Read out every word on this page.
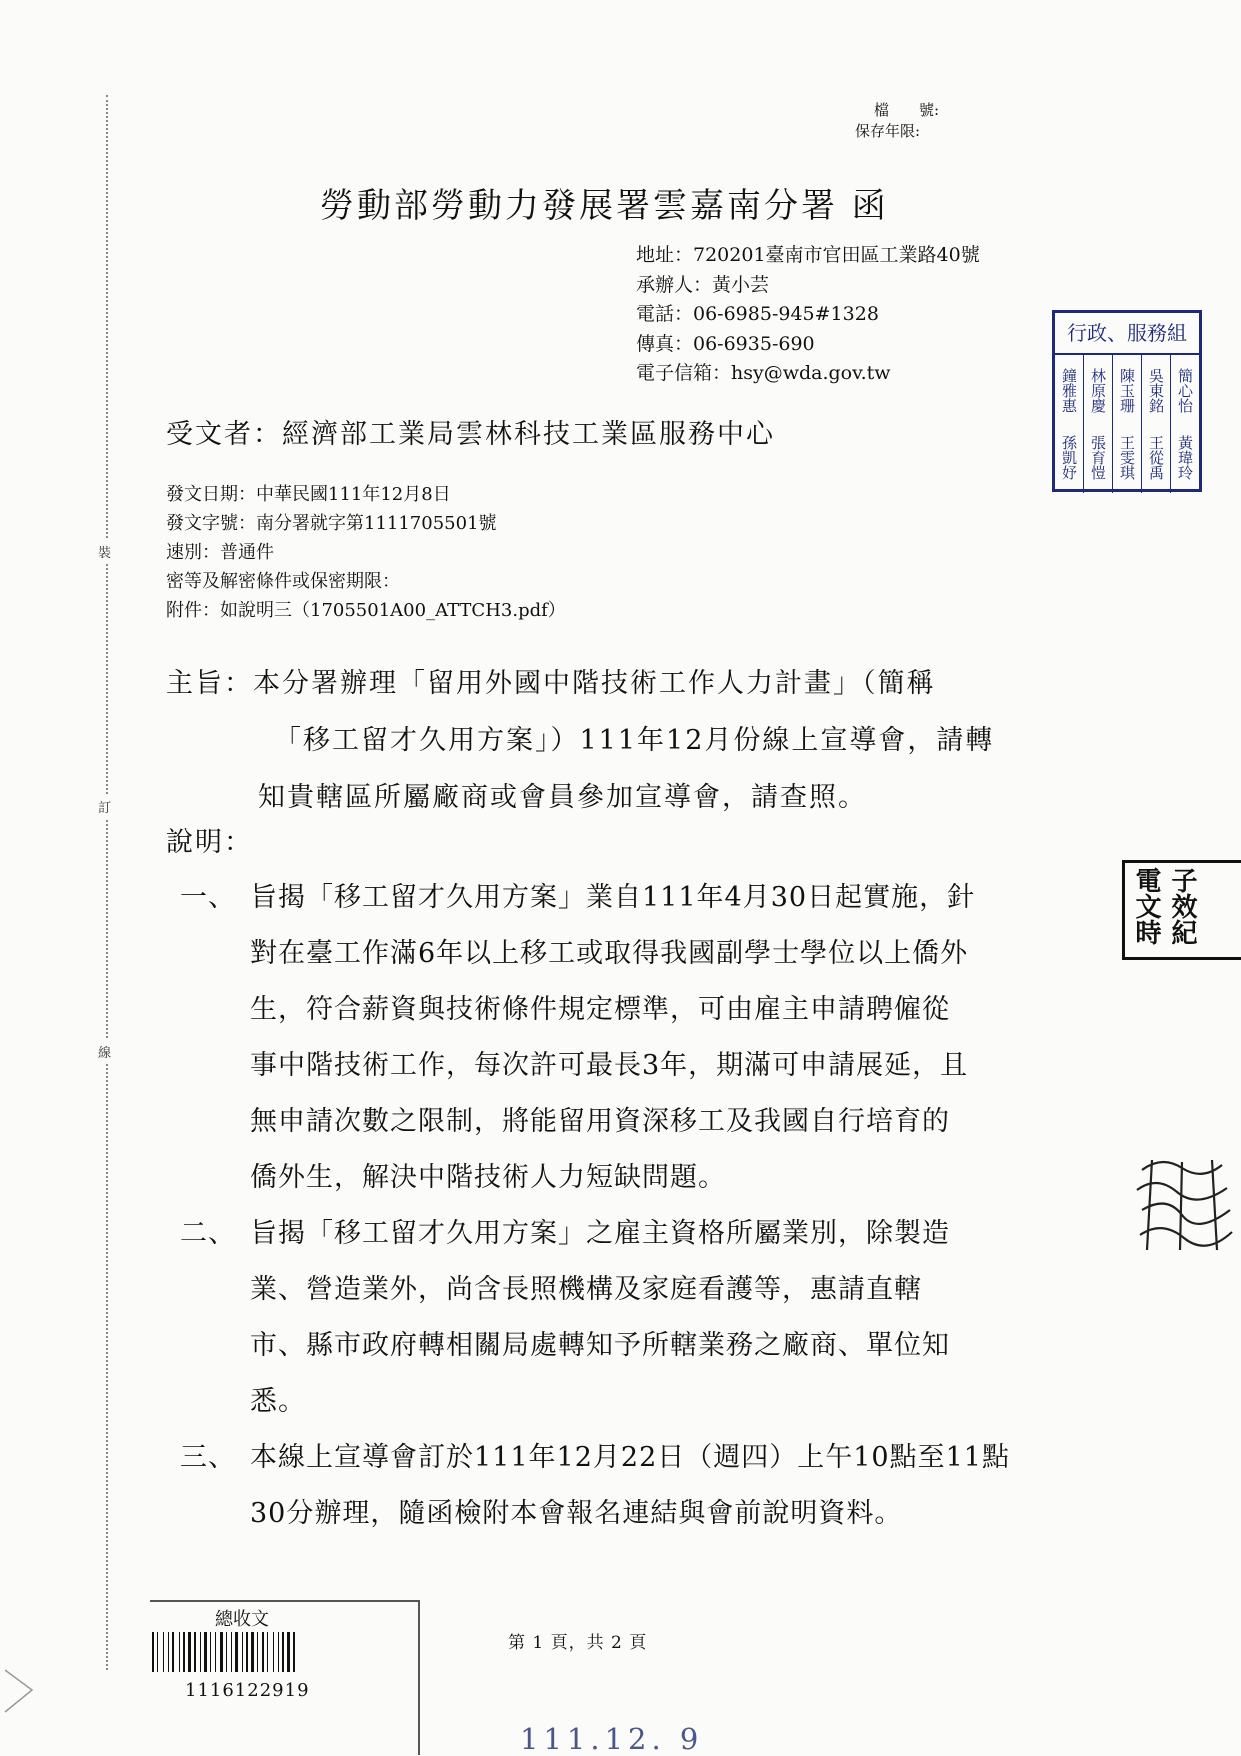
裝
訂
線
檔　　號:
保存年限:
勞動部勞動力發展署雲嘉南分署 函
地址：720201臺南市官田區工業路40號
承辦人：黃小芸
電話：06-6985-945#1328
傳真：06-6935-690
電子信箱：hsy@wda.gov.tw
行政、服務組
鐘雅惠
孫凱妤
林原慶
張育愷
陳玉珊
王雯琪
吳東銘
王從禹
簡心怡
黃瑋玲
受文者：經濟部工業局雲林科技工業區服務中心
發文日期：中華民國111年12月8日
發文字號：南分署就字第1111705501號
速別：普通件
密等及解密條件或保密期限：
附件：如說明三（1705501A00_ATTCH3.pdf）
主旨：本分署辦理「留用外國中階技術工作人力計畫」（簡稱
「移工留才久用方案」）111年12月份線上宣導會，請轉
知貴轄區所屬廠商或會員參加宣導會，請查照。
說明：
一、 旨揭「移工留才久用方案」業自111年4月30日起實施，針
對在臺工作滿6年以上移工或取得我國副學士學位以上僑外
生，符合薪資與技術條件規定標準，可由雇主申請聘僱從
事中階技術工作，每次許可最長3年，期滿可申請展延，且
無申請次數之限制，將能留用資深移工及我國自行培育的
僑外生，解決中階技術人力短缺問題。
二、 旨揭「移工留才久用方案」之雇主資格所屬業別，除製造
業、營造業外，尚含長照機構及家庭看護等，惠請直轄
市、縣市政府轉相關局處轉知予所轄業務之廠商、單位知
悉。
三、 本線上宣導會訂於111年12月22日（週四）上午10點至11點
30分辦理，隨函檢附本會報名連結與會前說明資料。
電文時 子效紀
總收文
1116122919
第 1 頁，共 2 頁
111.12. 9
